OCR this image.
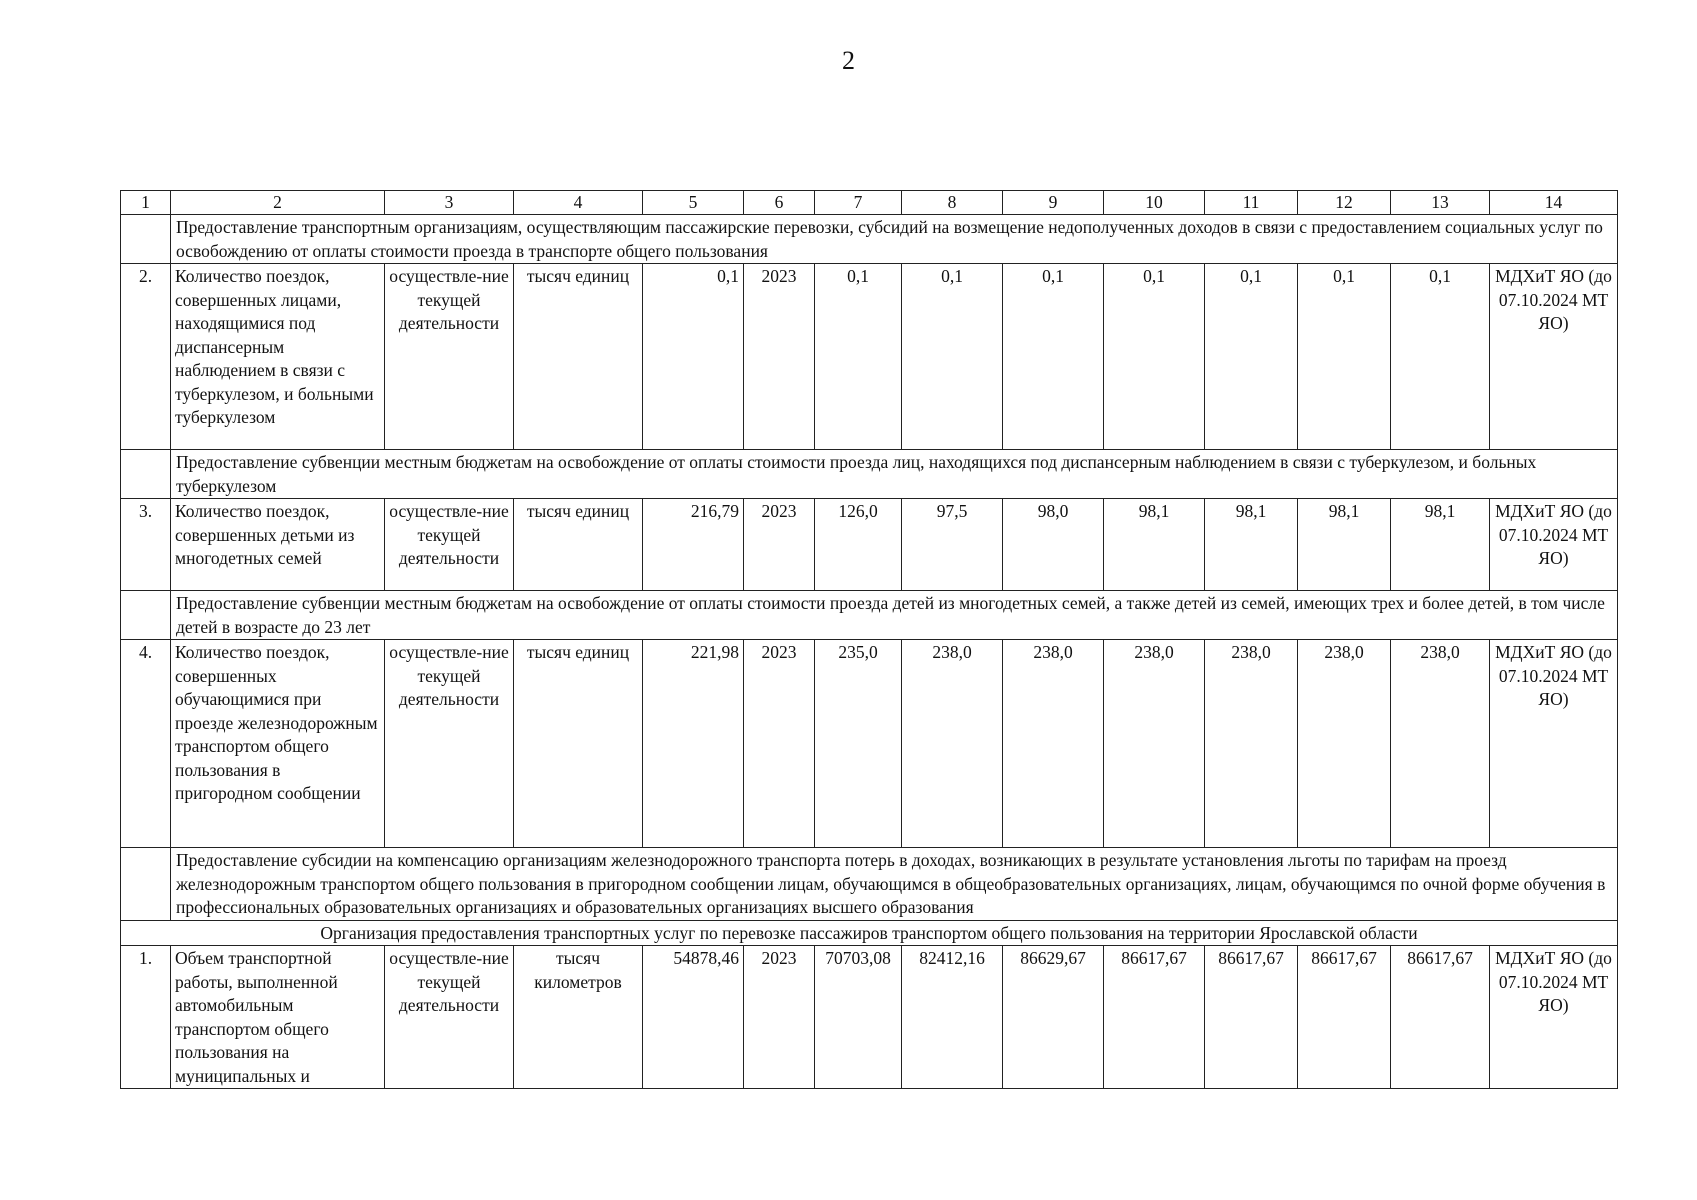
2
1	2	3	4	5	6	7	8	9	10	11	12	13	14
	Предоставление транспортным организациям, осуществляющим пассажирские перевозки, субсидий на возмещение недополученных доходов в связи с предоставлением социальных услуг по освобождению от оплаты стоимости проезда в транспорте общего пользования												
2.	Количество поездок, совершенных лицами, находящимися под диспансерным наблюдением в связи с туберкулезом, и больными туберкулезом	осуществле-ние текущей деятельности	тысяч единиц	0,1	2023	0,1	0,1	0,1	0,1	0,1	0,1	0,1	МДХиТ ЯО (до 07.10.2024 МТ ЯО)
	Предоставление субвенции местным бюджетам на освобождение от оплаты стоимости проезда лиц, находящихся под диспансерным наблюдением в связи с туберкулезом, и больных туберкулезом												
3.	Количество поездок, совершенных детьми из многодетных семей	осуществле-ние текущей деятельности	тысяч единиц	216,79	2023	126,0	97,5	98,0	98,1	98,1	98,1	98,1	МДХиТ ЯО (до 07.10.2024 МТ ЯО)
	Предоставление субвенции местным бюджетам на освобождение от оплаты стоимости проезда детей из многодетных семей, а также детей из семей, имеющих трех и более детей, в том числе детей в возрасте до 23 лет												
4.	Количество поездок, совершенных обучающимися при проезде железнодорожным транспортом общего пользования в пригородном сообщении	осуществле-ние текущей деятельности	тысяч единиц	221,98	2023	235,0	238,0	238,0	238,0	238,0	238,0	238,0	МДХиТ ЯО (до 07.10.2024 МТ ЯО)
	Предоставление субсидии на компенсацию организациям железнодорожного транспорта потерь в доходах, возникающих в результате установления льготы по тарифам на проезд железнодорожным транспортом общего пользования в пригородном сообщении лицам, обучающимся в общеобразовательных организациях, лицам, обучающимся по очной форме обучения в профессиональных образовательных организациях и образовательных организациях высшего образования												
Организация предоставления транспортных услуг по перевозке пассажиров транспортом общего пользования на территории Ярославской области													
1.	Объем транспортной работы, выполненной автомобильным транспортом общего пользования на муниципальных и	осуществле-ние текущей деятельности	тысяч километров	54878,46	2023	70703,08	82412,16	86629,67	86617,67	86617,67	86617,67	86617,67	МДХиТ ЯО (до 07.10.2024 МТ ЯО)
